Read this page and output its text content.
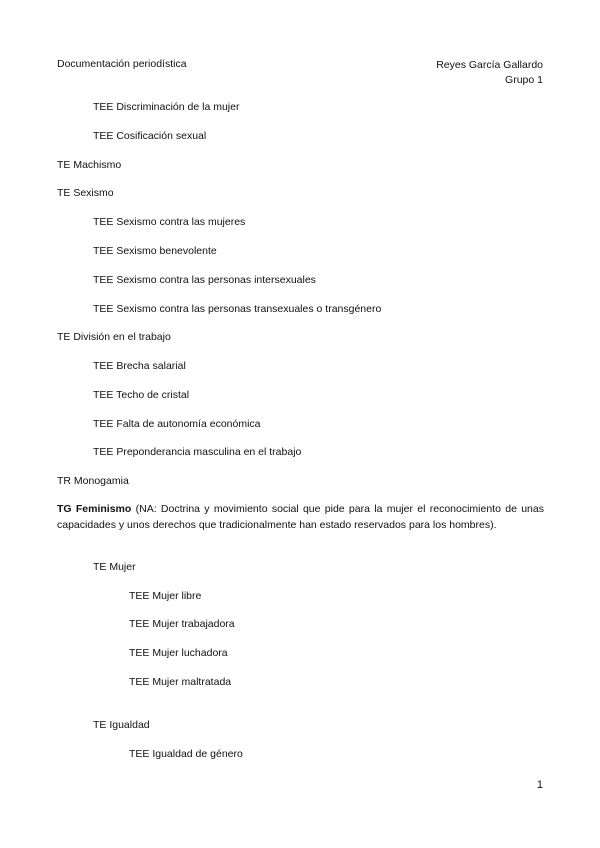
Documentación periodística	Reyes García Gallardo
Grupo 1
TEE Discriminación de la mujer
TEE Cosificación sexual
TE Machismo
TE Sexismo
TEE Sexismo contra las mujeres
TEE Sexismo benevolente
TEE Sexismo contra las personas intersexuales
TEE Sexismo contra las personas transexuales o transgénero
TE División en el trabajo
TEE Brecha salarial
TEE Techo de cristal
TEE Falta de autonomía económica
TEE Preponderancia masculina en el trabajo
TR Monogamia
TG Feminismo (NA: Doctrina y movimiento social que pide para la mujer el reconocimiento de unas capacidades y unos derechos que tradicionalmente han estado reservados para los hombres).
TE Mujer
TEE Mujer libre
TEE Mujer trabajadora
TEE Mujer luchadora
TEE Mujer maltratada
TE Igualdad
TEE Igualdad de género
1
